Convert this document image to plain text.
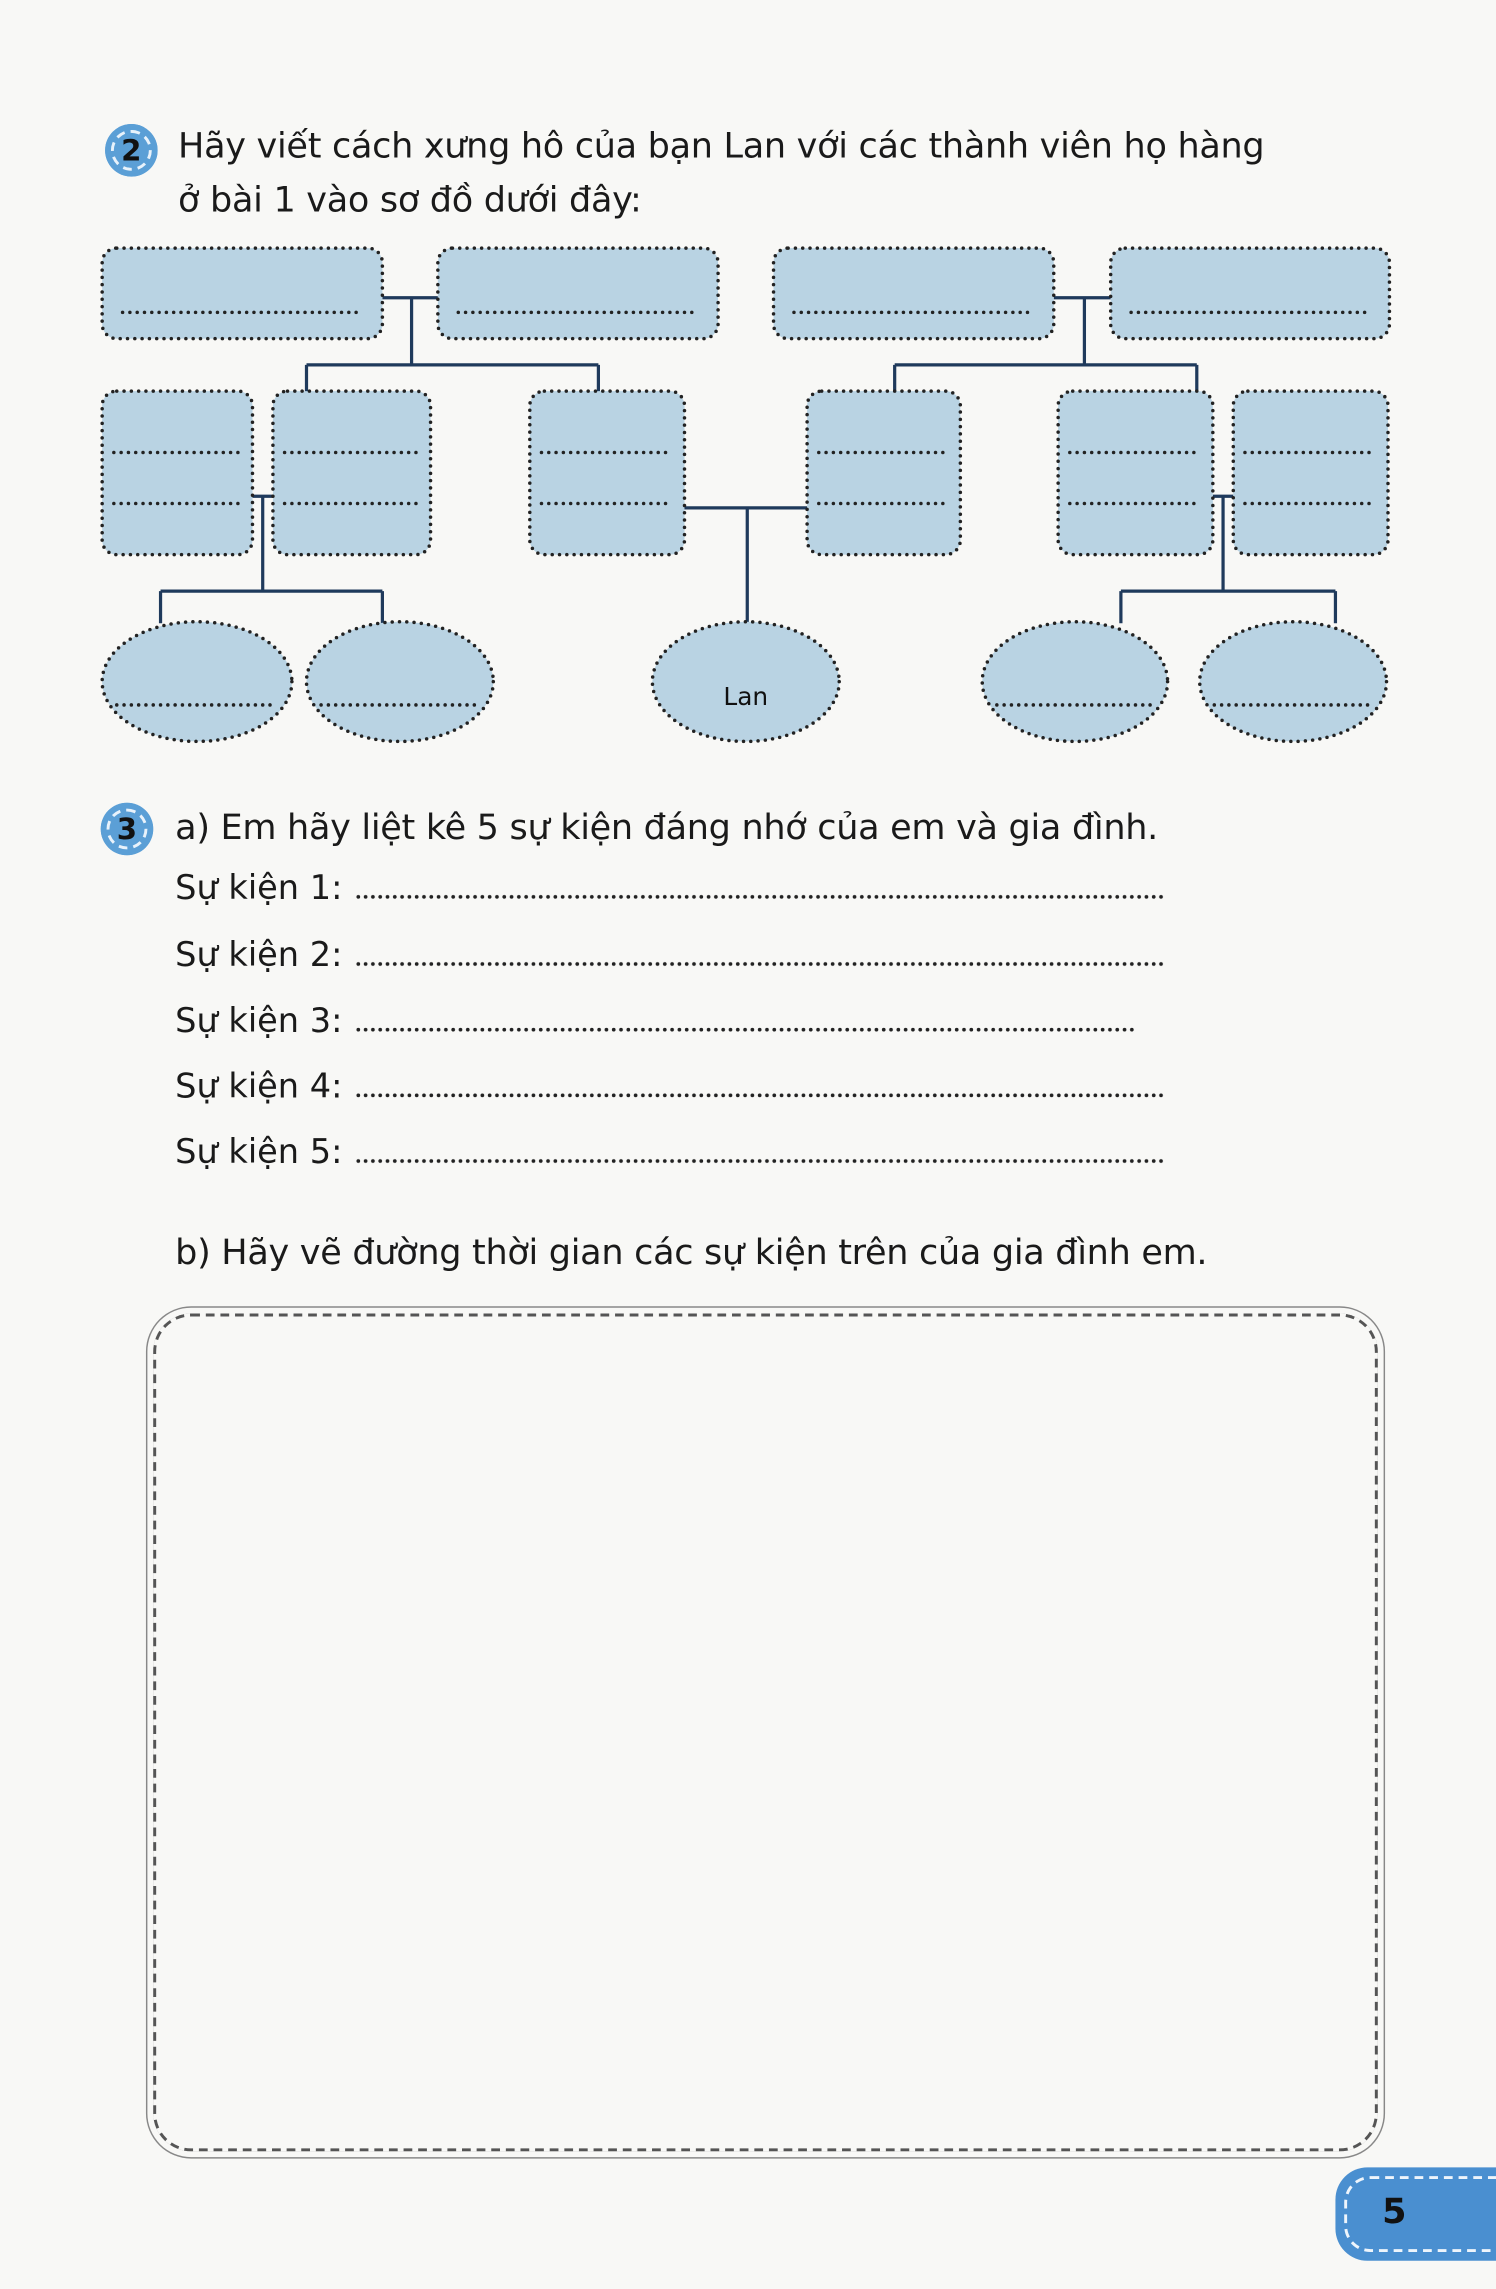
2 Hãy viết cách xưng hô của bạn Lan với các thành viên họ hàng
ở bài 1 vào sơ đồ dưới đây:
Lan
3 a) Em hãy liệt kê 5 sự kiện đáng nhớ của em và gia đình.
Sự kiện 1:
Sự kiện 2:
Sự kiện 3:
Sự kiện 4:
Sự kiện 5:
b) Hãy vẽ đường thời gian các sự kiện trên của gia đình em.
5
